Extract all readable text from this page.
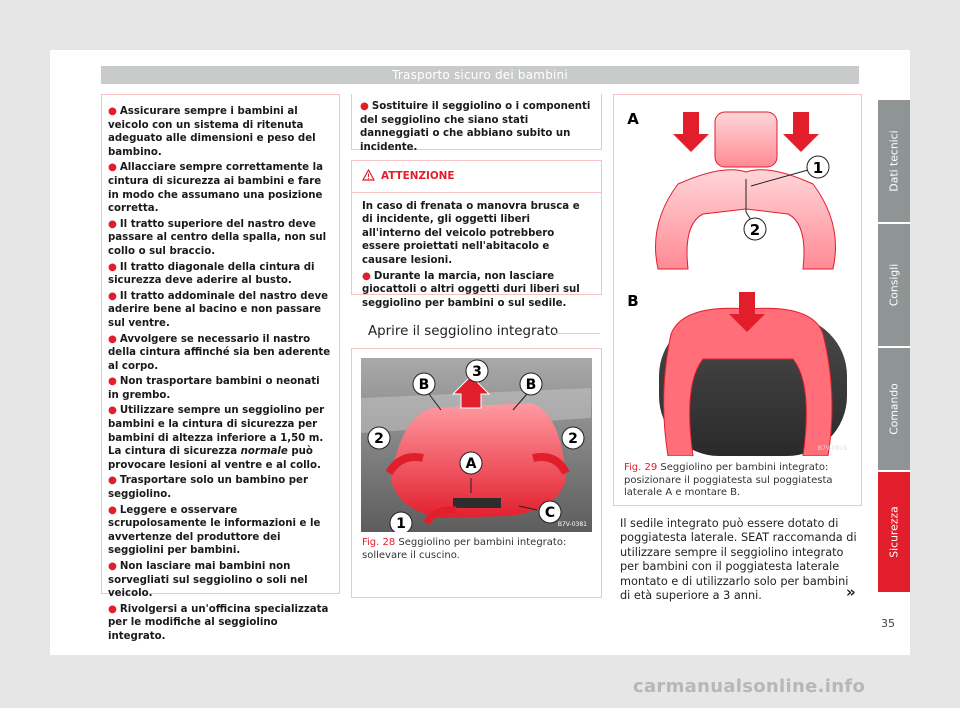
Trasporto sicuro dei bambini

● Assicurare sempre i bambini al veicolo con un sistema di ritenuta adeguato alle dimensioni e peso del bambino.

● Allacciare sempre correttamente la cintura di sicurezza ai bambini e fare in modo che assumano una posizione corretta.

● Il tratto superiore del nastro deve passare al centro della spalla, non sul collo o sul braccio.

● Il tratto diagonale della cintura di sicurezza deve aderire al busto.

● Il tratto addominale del nastro deve aderire bene al bacino e non passare sul ventre.

● Avvolgere se necessario il nastro della cintura affinché sia ben aderente al corpo.

● Non trasportare bambini o neonati in grembo.

● Utilizzare sempre un seggiolino per bambini e la cintura di sicurezza per bambini di altezza inferiore a 1,50 m. La cintura di sicurezza normale può provocare lesioni al ventre e al collo.

● Trasportare solo un bambino per seggiolino.

● Leggere e osservare scrupolosamente le informazioni e le avvertenze del produttore dei seggiolini per bambini.

● Non lasciare mai bambini non sorvegliati sul seggiolino o soli nel veicolo.

● Rivolgersi a un'officina specializzata per le modifiche al seggiolino integrato.

● Sostituire il seggiolino o i componenti del seggiolino che siano stati danneggiati o che abbiano subito un incidente.

ATTENZIONE

In caso di frenata o manovra brusca e di incidente, gli oggetti liberi all'interno del veicolo potrebbero essere proiettati nell'abitacolo e causare lesioni.

● Durante la marcia, non lasciare giocattoli o altri oggetti duri liberi sul seggiolino per bambini o sul sedile.

Aprire il seggiolino integrato
B
3
B
2	2
A
C
1	B7V-0381
Fig. 28 Seggiolino per bambini integrato: sollevare il cuscino.
A
1
2
B
B7V-0819
Fig. 29 Seggiolino per bambini integrato: posizionare il poggiatesta sul poggiatesta laterale A e montare B.
Il sedile integrato può essere dotato di poggiatesta laterale. SEAT raccomanda di utilizzare sempre il seggiolino integrato per bambini con il poggiatesta laterale montato e di utilizzarlo solo per bambini di età superiore a 3 anni.	»
Dati tecnici
Consigli
Comando
Sicurezza
35
carmanualsonline.info
